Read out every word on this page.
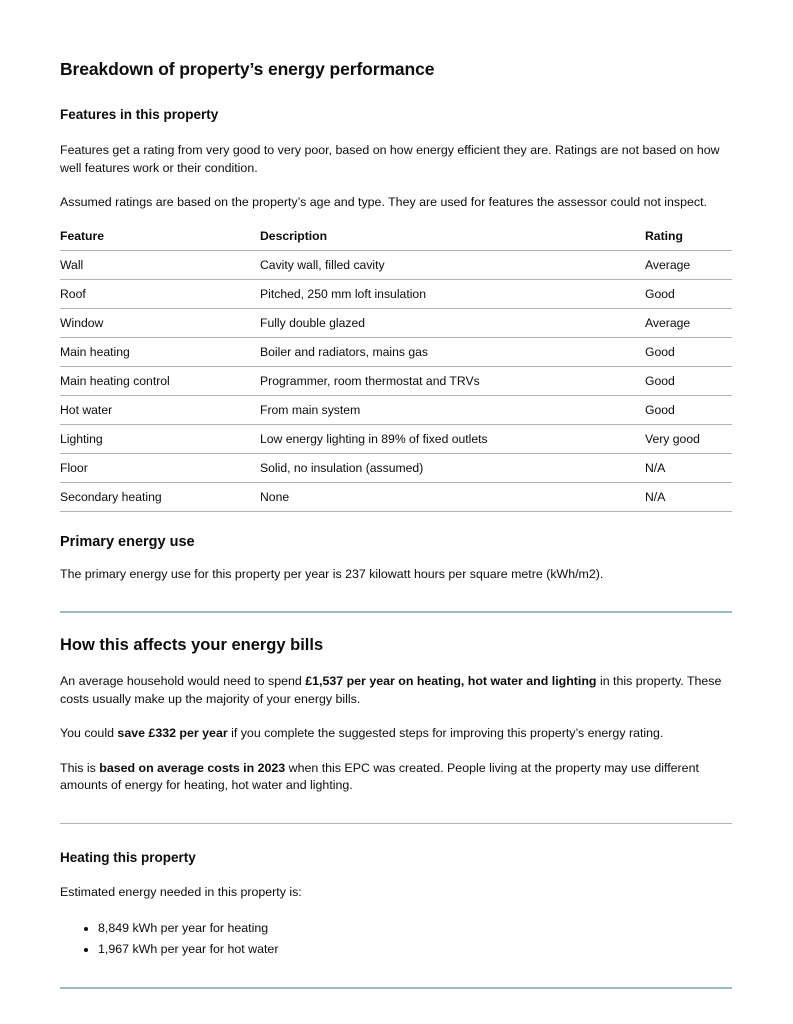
Breakdown of property’s energy performance
Features in this property

Features get a rating from very good to very poor, based on how energy efficient they are. Ratings are not based on how well features work or their condition.

Assumed ratings are based on the property’s age and type. They are used for features the assessor could not inspect.

Feature	Description	Rating
Wall	Cavity wall, filled cavity	Average
Roof	Pitched, 250 mm loft insulation	Good
Window	Fully double glazed	Average
Main heating	Boiler and radiators, mains gas	Good
Main heating control	Programmer, room thermostat and TRVs	Good
Hot water	From main system	Good
Lighting	Low energy lighting in 89% of fixed outlets	Very good
Floor	Solid, no insulation (assumed)	N/A
Secondary heating	None	N/A
Primary energy use

The primary energy use for this property per year is 237 kilowatt hours per square metre (kWh/m2).

How this affects your energy bills

An average household would need to spend £1,537 per year on heating, hot water and lighting in this property. These costs usually make up the majority of your energy bills.

You could save £332 per year if you complete the suggested steps for improving this property’s energy rating.

This is based on average costs in 2023 when this EPC was created. People living at the property may use different amounts of energy for heating, hot water and lighting.

Heating this property

Estimated energy needed in this property is:

• 8,849 kWh per year for heating
• 1,967 kWh per year for hot water
